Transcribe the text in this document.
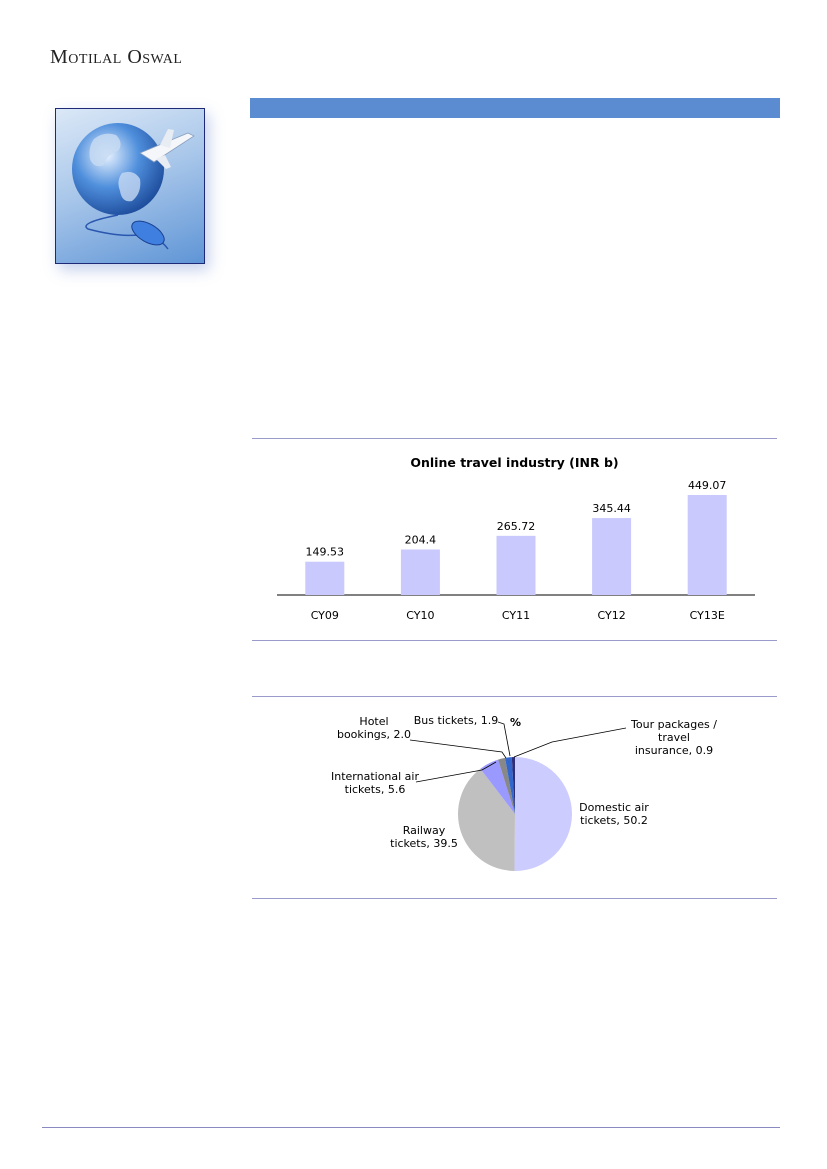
Motilal Oswal
Online travel industry (INR b)
149.53
CY09
204.4
CY10
265.72
CY11
345.44
CY12
449.07
CY13E
Domestic air tickets, 50.2
Railway tickets, 39.5
International air tickets, 5.6
Hotel bookings, 2.0
Bus tickets, 1.9 %	Tour packages / travel insurance, 0.9
